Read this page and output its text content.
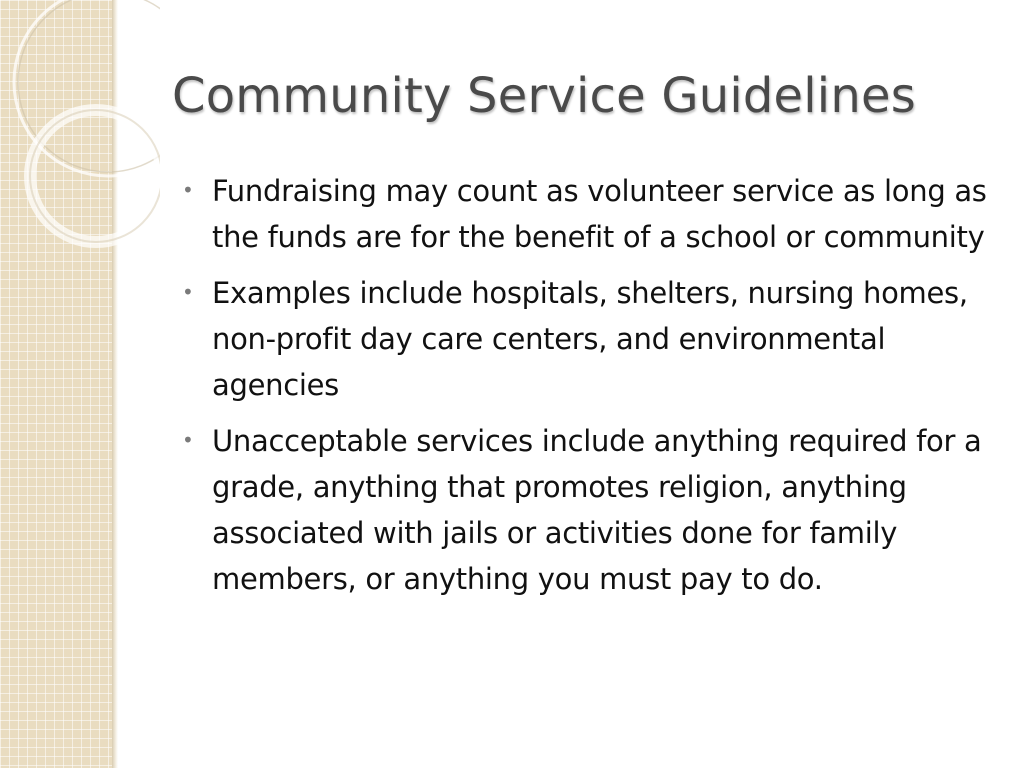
Community Service Guidelines
• Fundraising may count as volunteer service as long as the funds are for the benefit of a school or community
• Examples include hospitals, shelters, nursing homes, non-profit day care centers, and environmental agencies
• Unacceptable services include anything required for a grade, anything that promotes religion, anything associated with jails or activities done for family members, or anything you must pay to do.
